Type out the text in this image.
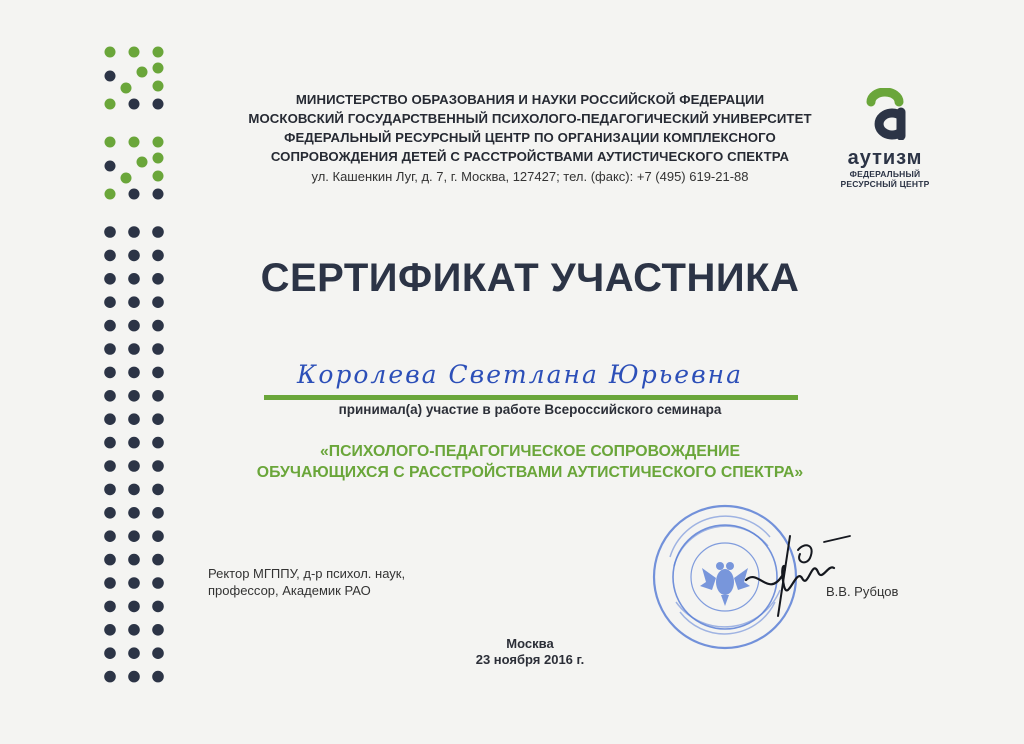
МИНИСТЕРСТВО ОБРАЗОВАНИЯ И НАУКИ РОССИЙСКОЙ ФЕДЕРАЦИИ
МОСКОВСКИЙ ГОСУДАРСТВЕННЫЙ ПСИХОЛОГО-ПЕДАГОГИЧЕСКИЙ УНИВЕРСИТЕТ
ФЕДЕРАЛЬНЫЙ РЕСУРСНЫЙ ЦЕНТР ПО ОРГАНИЗАЦИИ КОМПЛЕКСНОГО
СОПРОВОЖДЕНИЯ ДЕТЕЙ С РАССТРОЙСТВАМИ АУТИСТИЧЕСКОГО СПЕКТРА
ул. Кашенкин Луг, д. 7, г. Москва, 127427; тел. (факс): +7 (495) 619-21-88
аутизм
ФЕДЕРАЛЬНЫЙ
РЕСУРСНЫЙ ЦЕНТР
СЕРТИФИКАТ УЧАСТНИКА
Королева Светлана Юрьевна
принимал(а) участие в работе Всероссийского семинара
«ПСИХОЛОГО-ПЕДАГОГИЧЕСКОЕ СОПРОВОЖДЕНИЕ
ОБУЧАЮЩИХСЯ С РАССТРОЙСТВАМИ АУТИСТИЧЕСКОГО СПЕКТРА»
Ректор МГППУ, д-р психол. наук,
профессор, Академик РАО	В.В. Рубцов
Москва
23 ноября 2016 г.
